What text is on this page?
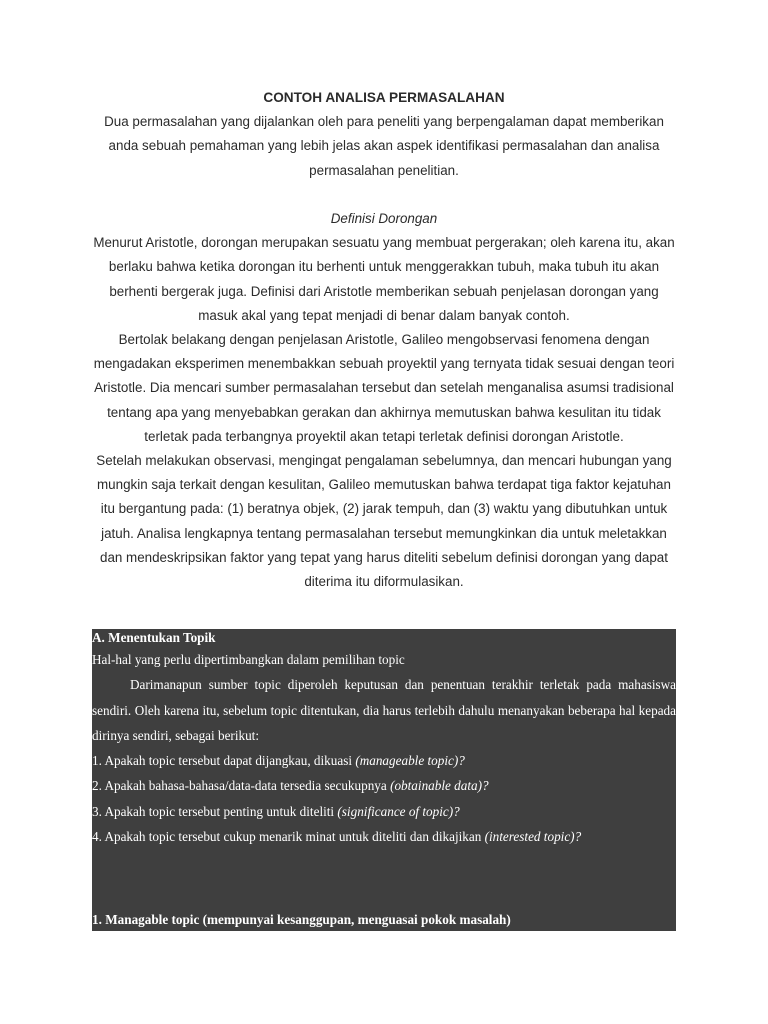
CONTOH ANALISA PERMASALAHAN

Dua permasalahan yang dijalankan oleh para peneliti yang berpengalaman dapat memberikan anda sebuah pemahaman yang lebih jelas akan aspek identifikasi permasalahan dan analisa permasalahan penelitian.

Definisi Dorongan

Menurut Aristotle, dorongan merupakan sesuatu yang membuat pergerakan; oleh karena itu, akan berlaku bahwa ketika dorongan itu berhenti untuk menggerakkan tubuh, maka tubuh itu akan berhenti bergerak juga. Definisi dari Aristotle memberikan sebuah penjelasan dorongan yang masuk akal yang tepat menjadi di benar dalam banyak contoh.

Bertolak belakang dengan penjelasan Aristotle, Galileo mengobservasi fenomena dengan mengadakan eksperimen menembakkan sebuah proyektil yang ternyata tidak sesuai dengan teori Aristotle. Dia mencari sumber permasalahan tersebut dan setelah menganalisa asumsi tradisional tentang apa yang menyebabkan gerakan dan akhirnya memutuskan bahwa kesulitan itu tidak terletak pada terbangnya proyektil akan tetapi terletak definisi dorongan Aristotle.

Setelah melakukan observasi, mengingat pengalaman sebelumnya, dan mencari hubungan yang mungkin saja terkait dengan kesulitan, Galileo memutuskan bahwa terdapat tiga faktor kejatuhan itu bergantung pada: (1) beratnya objek, (2) jarak tempuh, dan (3) waktu yang dibutuhkan untuk jatuh. Analisa lengkapnya tentang permasalahan tersebut memungkinkan dia untuk meletakkan dan mendeskripsikan faktor yang tepat yang harus diteliti sebelum definisi dorongan yang dapat diterima itu diformulasikan.

A. Menentukan Topik

Hal-hal yang perlu dipertimbangkan dalam pemilihan topic

Darimanapun sumber topic diperoleh keputusan dan penentuan terakhir terletak pada mahasiswa sendiri. Oleh karena itu, sebelum topic ditentukan, dia harus terlebih dahulu menanyakan beberapa hal kepada dirinya sendiri, sebagai berikut:

1. Apakah topic tersebut dapat dijangkau, dikuasi (manageable topic)?

2. Apakah bahasa-bahasa/data-data tersedia secukupnya (obtainable data)?

3. Apakah topic tersebut penting untuk diteliti (significance of topic)?

4. Apakah topic tersebut cukup menarik minat untuk diteliti dan dikajikan (interested topic)?

1. Managable topic (mempunyai kesanggupan, menguasai pokok masalah)
